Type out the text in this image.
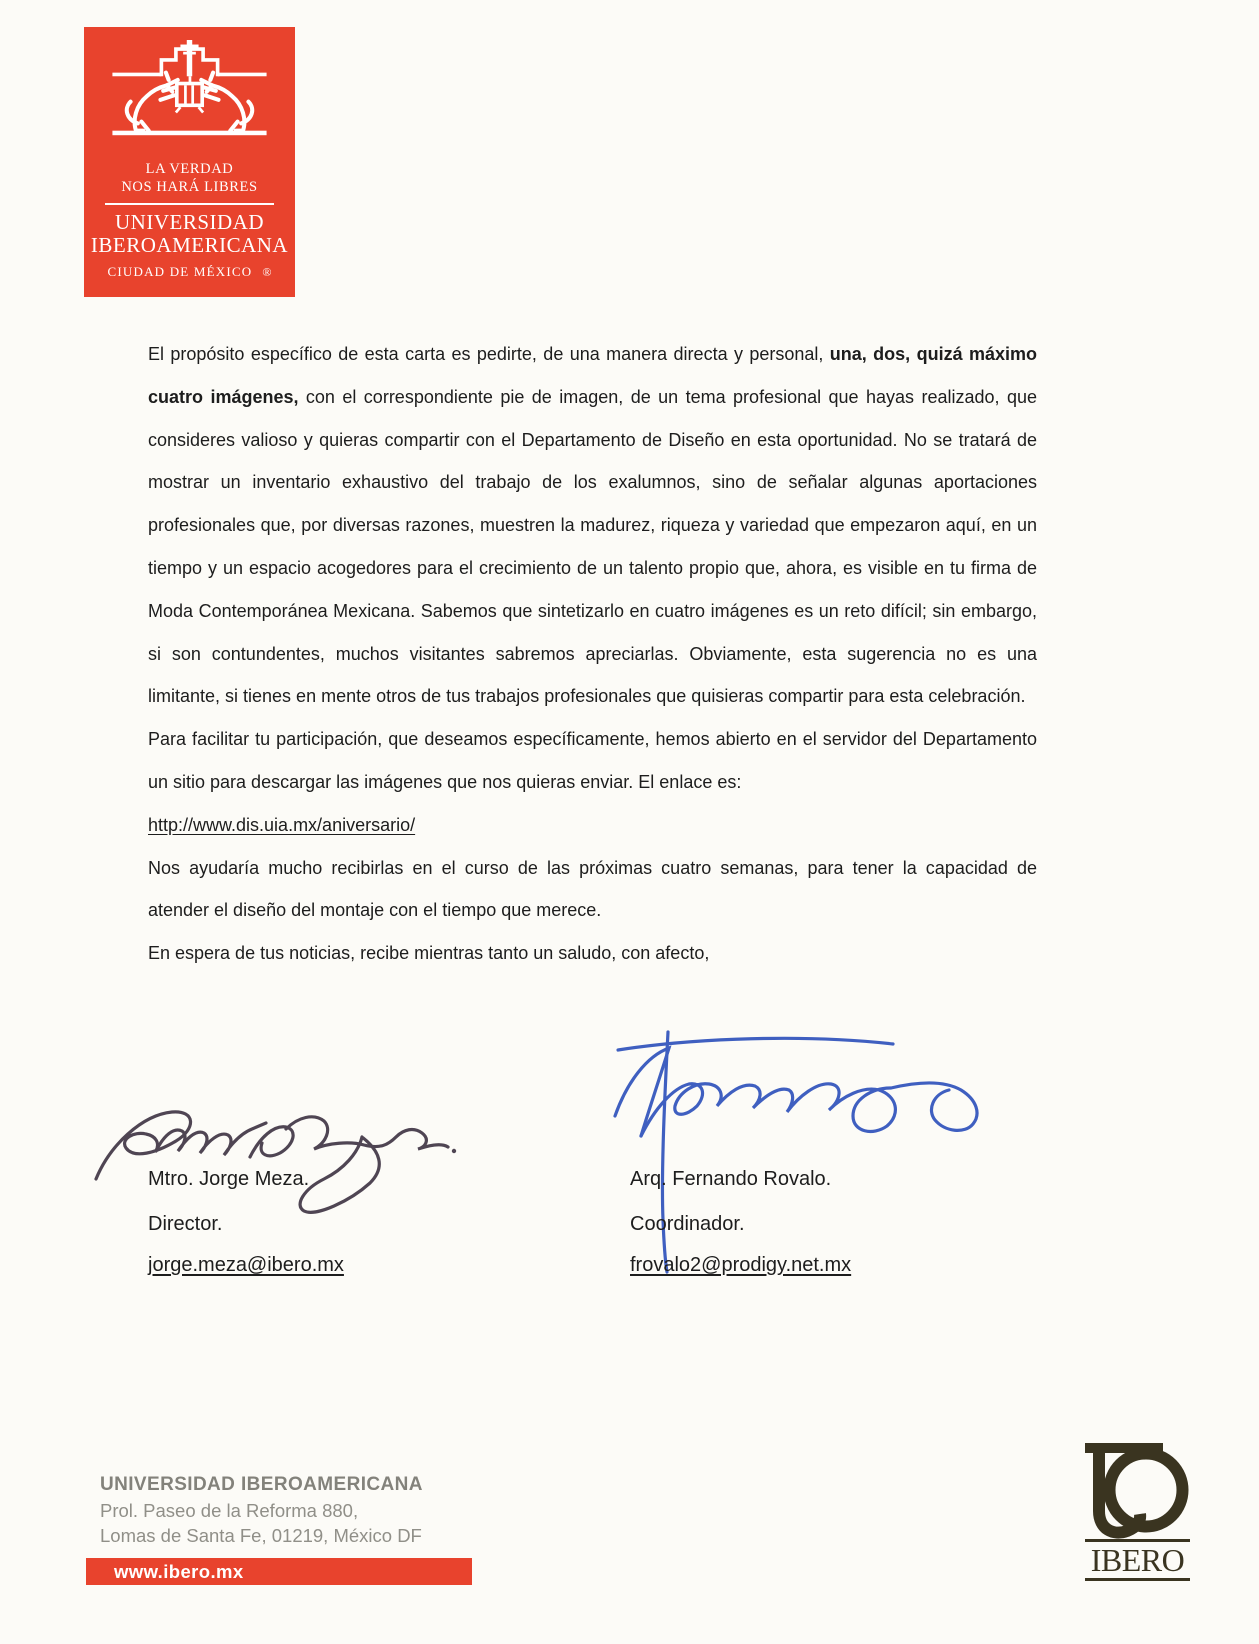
LA VERDAD
NOS HARÁ LIBRES
UNIVERSIDAD
IBEROAMERICANA
CIUDAD DE MÉXICO ®

El propósito específico de esta carta es pedirte, de una manera directa y personal, una, dos, quizá máximo cuatro imágenes, con el correspondiente pie de imagen, de un tema profesional que hayas realizado, que consideres valioso y quieras compartir con el Departamento de Diseño en esta oportunidad. No se tratará de mostrar un inventario exhaustivo del trabajo de los exalumnos, sino de señalar algunas aportaciones profesionales que, por diversas razones, muestren la madurez, riqueza y variedad que empezaron aquí, en un tiempo y un espacio acogedores para el crecimiento de un talento propio que, ahora, es visible en tu firma de Moda Contemporánea Mexicana. Sabemos que sintetizarlo en cuatro imágenes es un reto difícil; sin embargo, si son contundentes, muchos visitantes sabremos apreciarlas. Obviamente, esta sugerencia no es una limitante, si tienes en mente otros de tus trabajos profesionales que quisieras compartir para esta celebración.

Para facilitar tu participación, que deseamos específicamente, hemos abierto en el servidor del Departamento un sitio para descargar las imágenes que nos quieras enviar. El enlace es:

http://www.dis.uia.mx/aniversario/

Nos ayudaría mucho recibirlas en el curso de las próximas cuatro semanas, para tener la capacidad de atender el diseño del montaje con el tiempo que merece.

En espera de tus noticias, recibe mientras tanto un saludo, con afecto,

Mtro. Jorge Meza.
Director.
jorge.meza@ibero.mx
Arq. Fernando Rovalo.
Coordinador.
frovalo2@prodigy.net.mx
UNIVERSIDAD IBEROAMERICANA
Prol. Paseo de la Reforma 880,
Lomas de Santa Fe, 01219, México DF
www.ibero.mx	IBERO
